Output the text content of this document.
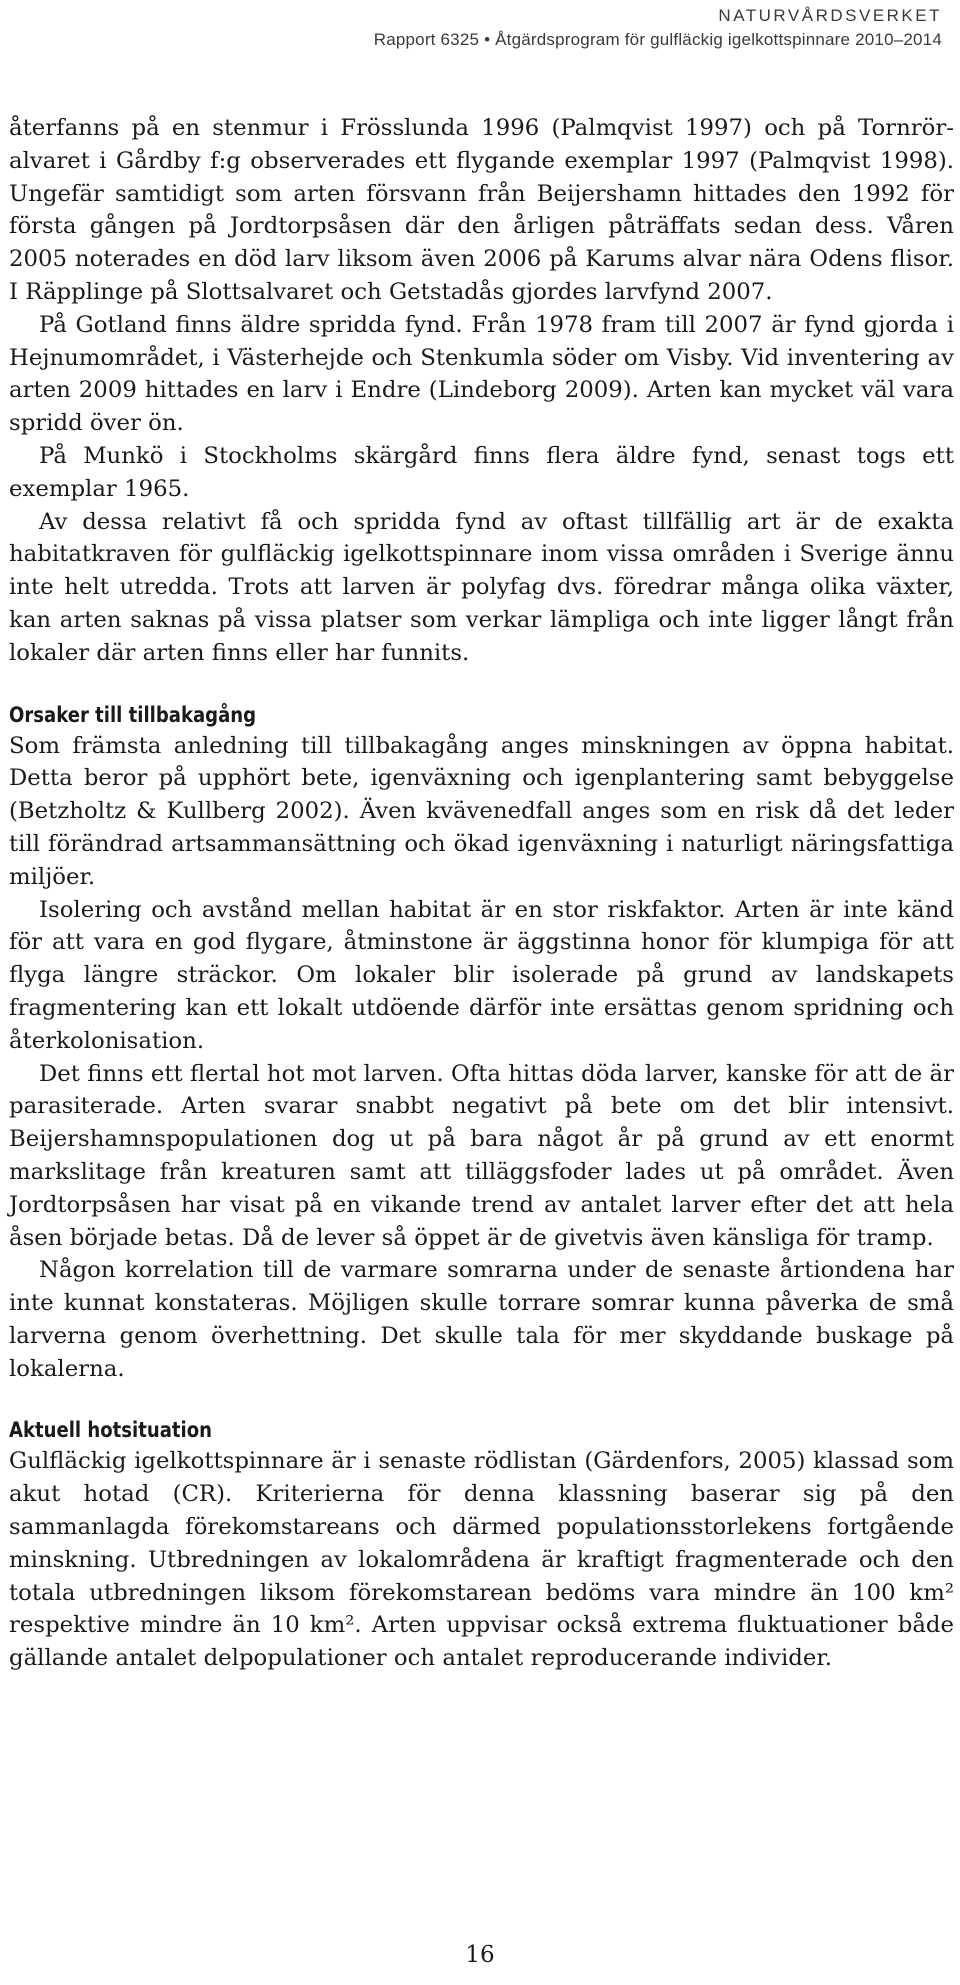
NATURVÅRDSVERKET
Rapport 6325 • Åtgärdsprogram för gulfläckig igelkottspinnare 2010–2014

återfanns på en stenmur i Frösslunda 1996 (Palmqvist 1997) och på Tornrör-alvaret i Gårdby f:g observerades ett flygande exemplar 1997 (Palmqvist 1998). Ungefär samtidigt som arten försvann från Beijershamn hittades den 1992 för första gången på Jordtorpsåsen där den årligen påträffats sedan dess. Våren 2005 noterades en död larv liksom även 2006 på Karums alvar nära Odens flisor. I Räpplinge på Slottsalvaret och Getstadås gjordes larvfynd 2007.

På Gotland finns äldre spridda fynd. Från 1978 fram till 2007 är fynd gjorda i Hejnumområdet, i Västerhejde och Stenkumla söder om Visby. Vid inventering av arten 2009 hittades en larv i Endre (Lindeborg 2009). Arten kan mycket väl vara spridd över ön.

På Munkö i Stockholms skärgård finns flera äldre fynd, senast togs ett exemplar 1965.

Av dessa relativt få och spridda fynd av oftast tillfällig art är de exakta habitatkraven för gulfläckig igelkottspinnare inom vissa områden i Sverige ännu inte helt utredda. Trots att larven är polyfag dvs. föredrar många olika växter, kan arten saknas på vissa platser som verkar lämpliga och inte ligger långt från lokaler där arten finns eller har funnits.

Orsaker till tillbakagång

Som främsta anledning till tillbakagång anges minskningen av öppna habitat. Detta beror på upphört bete, igenväxning och igenplantering samt bebyggelse (Betzholtz & Kullberg 2002). Även kvävenedfall anges som en risk då det leder till förändrad artsammansättning och ökad igenväxning i naturligt näringsfattiga miljöer.

Isolering och avstånd mellan habitat är en stor riskfaktor. Arten är inte känd för att vara en god flygare, åtminstone är äggstinna honor för klumpiga för att flyga längre sträckor. Om lokaler blir isolerade på grund av landskapets fragmentering kan ett lokalt utdöende därför inte ersättas genom spridning och återkolonisation.

Det finns ett flertal hot mot larven. Ofta hittas döda larver, kanske för att de är parasiterade. Arten svarar snabbt negativt på bete om det blir intensivt. Beijershamnspopulationen dog ut på bara något år på grund av ett enormt markslitage från kreaturen samt att tilläggsfoder lades ut på området. Även Jordtorpsåsen har visat på en vikande trend av antalet larver efter det att hela åsen började betas. Då de lever så öppet är de givetvis även känsliga för tramp.

Någon korrelation till de varmare somrarna under de senaste årtiondena har inte kunnat konstateras. Möjligen skulle torrare somrar kunna påverka de små larverna genom överhettning. Det skulle tala för mer skyddande buskage på lokalerna.

Aktuell hotsituation

Gulfläckig igelkottspinnare är i senaste rödlistan (Gärdenfors, 2005) klassad som akut hotad (CR). Kriterierna för denna klassning baserar sig på den sammanlagda förekomstareans och därmed populationsstorlekens fortgående minskning. Utbredningen av lokalområdena är kraftigt fragmenterade och den totala utbredningen liksom förekomstarean bedöms vara mindre än 100 km² respektive mindre än 10 km². Arten uppvisar också extrema fluktuationer både gällande antalet delpopulationer och antalet reproducerande individer.

16
